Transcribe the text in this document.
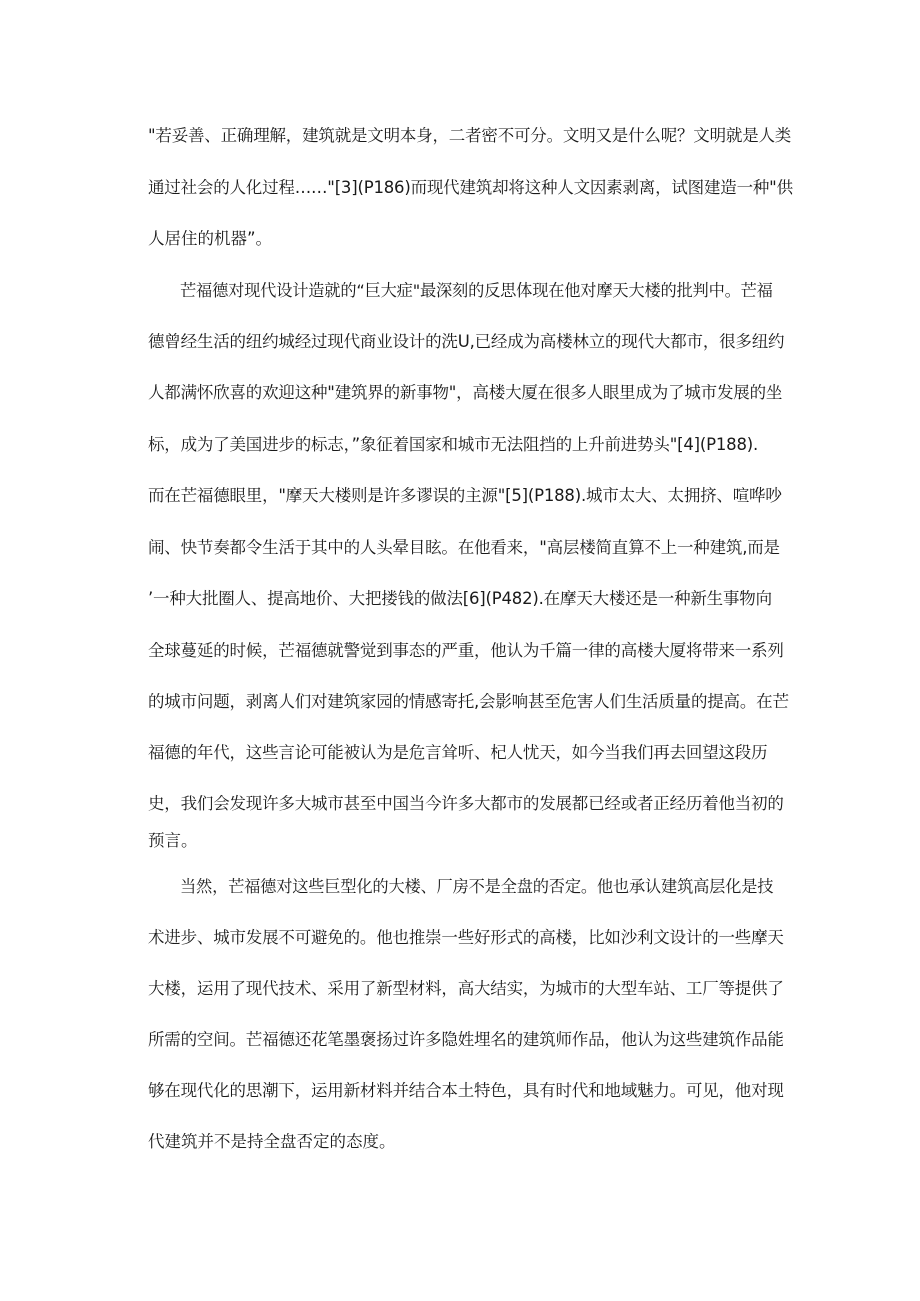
"若妥善、正确理解，建筑就是文明本身，二者密不可分。文明又是什么呢？文明就是人类
通过社会的人化过程……"[3](P186)而现代建筑却将这种人文因素剥离，试图建造一种"供
人居住的机器”。
芒福德对现代设计造就的“巨大症"最深刻的反思体现在他对摩天大楼的批判中。芒福
德曾经生活的纽约城经过现代商业设计的洗U,已经成为高楼林立的现代大都市，很多纽约
人都满怀欣喜的欢迎这种"建筑界的新事物"，高楼大厦在很多人眼里成为了城市发展的坐
标，成为了美国进步的标志，”象征着国家和城市无法阻挡的上升前进势头"[4](P188).
而在芒福德眼里，"摩天大楼则是许多谬误的主源"[5](P188).城市太大、太拥挤、喧哗吵
闹、快节奏都令生活于其中的人头晕目眩。在他看来，"高层楼简直算不上一种建筑,而是
’一种大批圈人、提高地价、大把搂钱的做法[6](P482).在摩天大楼还是一种新生事物向
全球蔓延的时候，芒福德就警觉到事态的严重，他认为千篇一律的高楼大厦将带来一系列
的城市问题，剥离人们对建筑家园的情感寄托,会影响甚至危害人们生活质量的提高。在芒
福德的年代，这些言论可能被认为是危言耸听、杞人忧天，如今当我们再去回望这段历
史，我们会发现许多大城市甚至中国当今许多大都市的发展都已经或者正经历着他当初的
预言。
当然，芒福德对这些巨型化的大楼、厂房不是全盘的否定。他也承认建筑高层化是技
术进步、城市发展不可避免的。他也推崇一些好形式的高楼，比如沙利文设计的一些摩天
大楼，运用了现代技术、采用了新型材料，高大结实，为城市的大型车站、工厂等提供了
所需的空间。芒福德还花笔墨褒扬过许多隐姓埋名的建筑师作品，他认为这些建筑作品能
够在现代化的思潮下，运用新材料并结合本土特色，具有时代和地域魅力。可见，他对现
代建筑并不是持全盘否定的态度。
